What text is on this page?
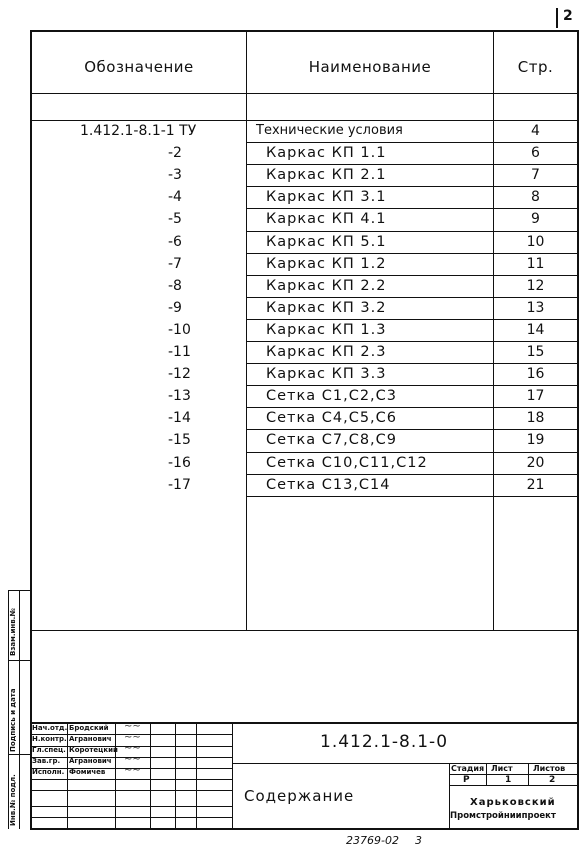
2
Обозначение	Наименование	Стр.
1.412.1-8.1-1 ТУ	Технические условия	4
-2	Каркас КП 1.1	6
-3	Каркас КП 2.1	7
-4	Каркас КП 3.1	8
-5	Каркас КП 4.1	9
-6	Каркас КП 5.1	10
-7	Каркас КП 1.2	11
-8	Каркас КП 2.2	12
-9	Каркас КП 3.2	13
-10	Каркас КП 1.3	14
-11	Каркас КП 2.3	15
-12	Каркас КП 3.3	16
-13	Сетка С1,С2,С3	17
-14	Сетка С4,С5,С6	18
-15	Сетка С7,С8,С9	19
-16	Сетка С10,С11,С12	20
-17	Сетка С13,С14	21
Нач.отд. Бродский ~~
Н.контр. Агранович ~~
Гл.спец. Коротецкий ~~
Зав.гр. Агранович ~~
Исполн. Фомичев ~~
1.412.1-8.1-0
Содержание
Стадия Лист	Листов
Р	1	2
Харьковский
Промстройниипроект
Инв.№ подл.
Подпись и дата
Взам.инв.№
23769-02 3
